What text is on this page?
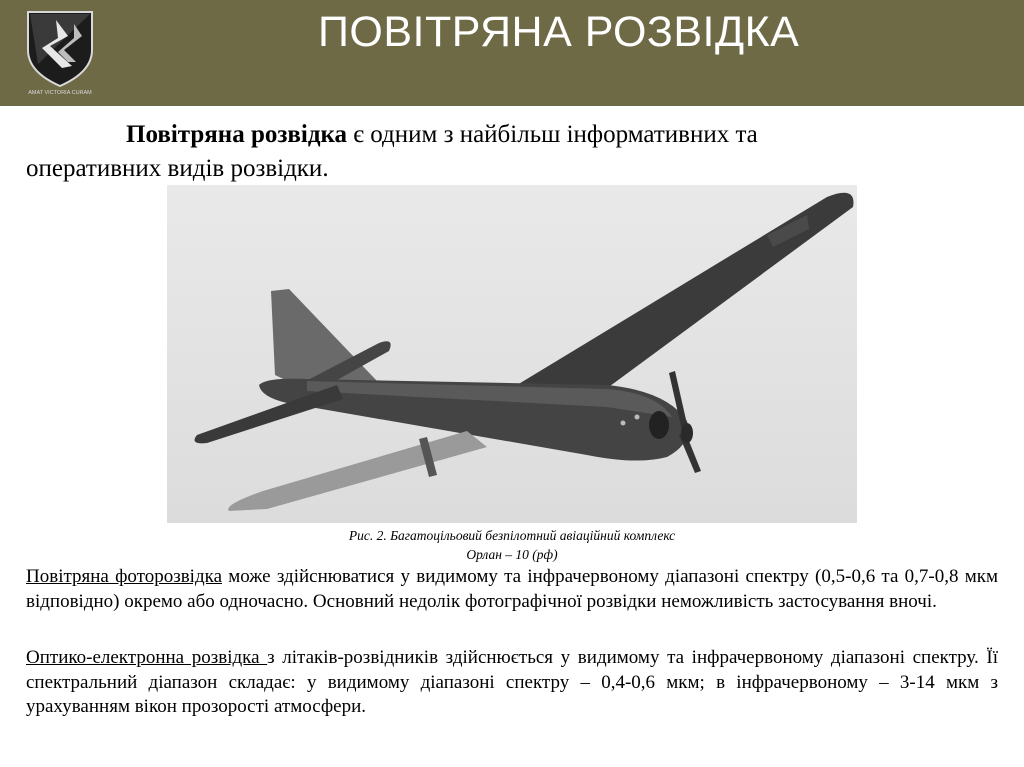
AMAT VICTORIA CURAM
ПОВІТРЯНА РОЗВІДКА
Повітряна розвідка є одним з найбільш інформативних та оперативних видів розвідки.
Рис. 2. Багатоцільовий безпілотний авіаційний комплекс
Орлан – 10 (рф)
Повітряна фоторозвідка може здійснюватися у видимому та інфрачервоному діапазоні спектру (0,5-0,6 та 0,7-0,8 мкм відповідно) окремо або одночасно. Основний недолік фотографічної розвідки неможливість застосування вночі.
Оптико-електронна розвідка з літаків-розвідників здійснюється у видимому та інфрачервоному діапазоні спектру. Її спектральний діапазон складає: у видимому діапазоні спектру – 0,4-0,6 мкм; в інфрачервоному – 3-14 мкм з урахуванням вікон прозорості атмосфери.
